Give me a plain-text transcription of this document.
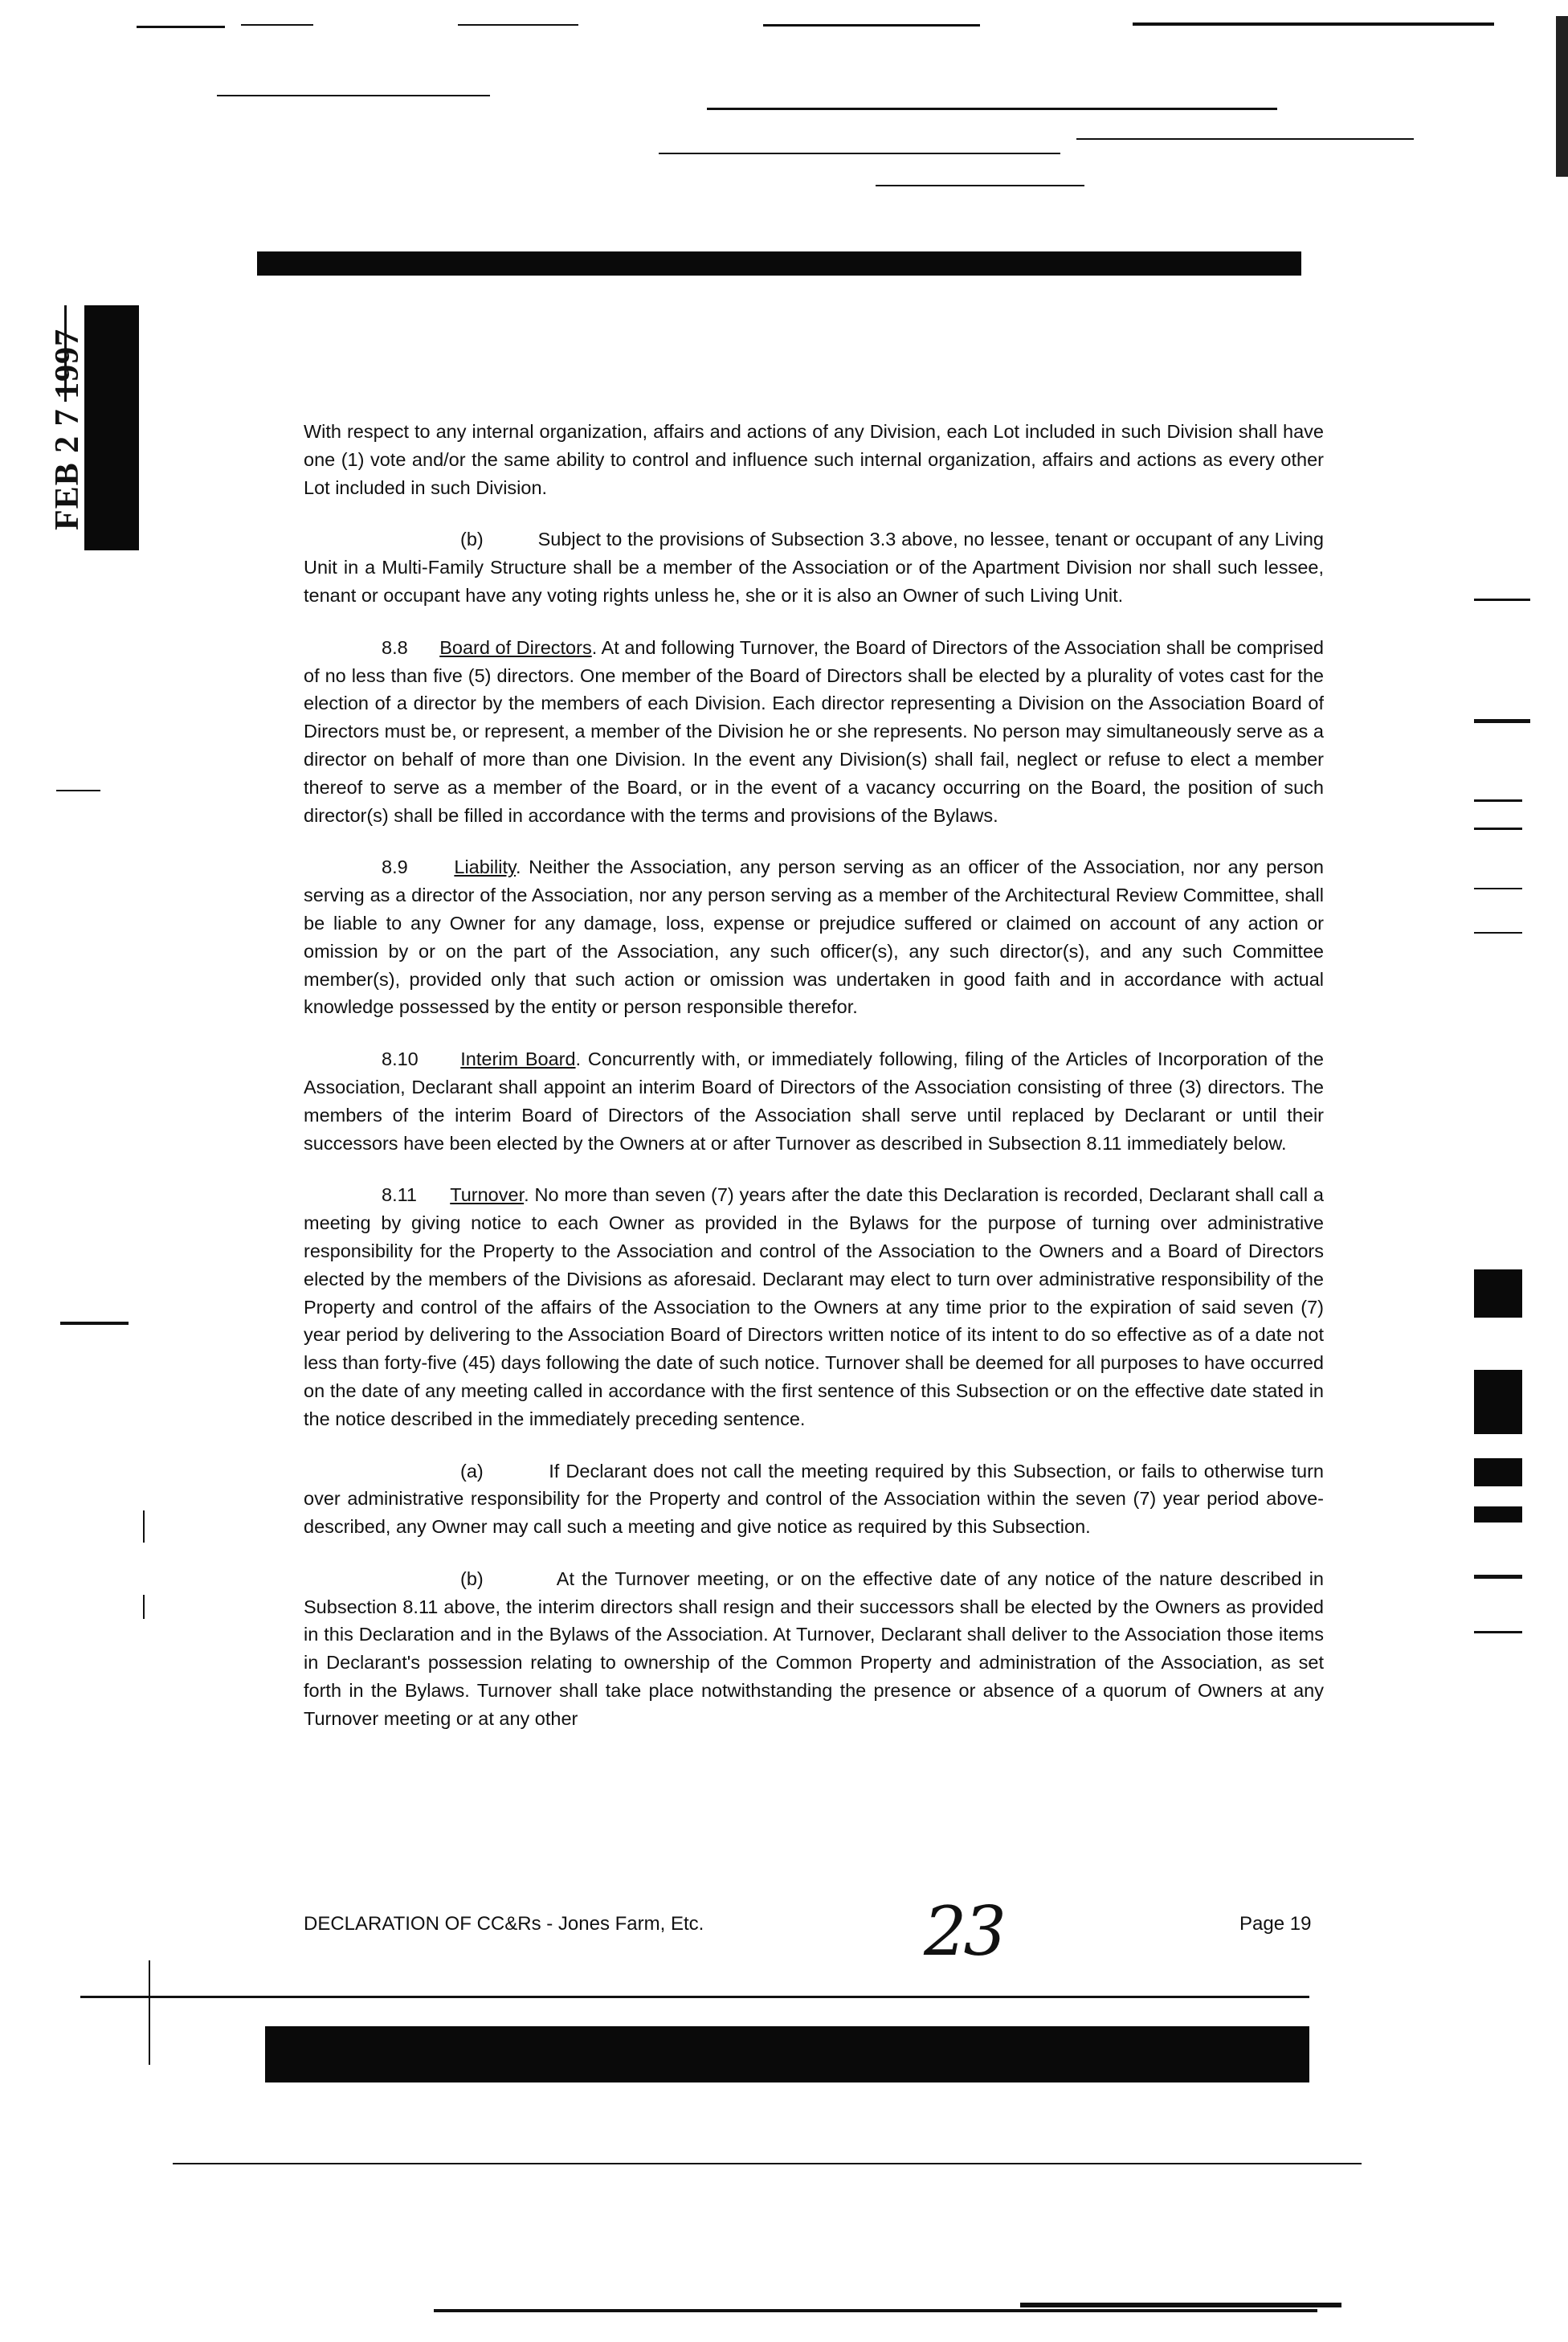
FEB 2 7 1997	With respect to any internal organization, affairs and actions of any Division, each Lot included in such Division shall have one (1) vote and/or the same ability to control and influence such internal organization, affairs and actions as every other Lot included in such Division.

(b)	Subject to the provisions of Subsection 3.3 above, no lessee, tenant or occupant of any Living Unit in a Multi-Family Structure shall be a member of the Association or of the Apartment Division nor shall such lessee, tenant or occupant have any voting rights unless he, she or it is also an Owner of such Living Unit.

8.8 Board of Directors. At and following Turnover, the Board of Directors of the Association shall be comprised of no less than five (5) directors. One member of the Board of Directors shall be elected by a plurality of votes cast for the election of a director by the members of each Division. Each director representing a Division on the Association Board of Directors must be, or represent, a member of the Division he or she represents. No person may simultaneously serve as a director on behalf of more than one Division. In the event any Division(s) shall fail, neglect or refuse to elect a member thereof to serve as a member of the Board, or in the event of a vacancy occurring on the Board, the position of such director(s) shall be filled in accordance with the terms and provisions of the Bylaws.

8.9 Liability. Neither the Association, any person serving as an officer of the Association, nor any person serving as a director of the Association, nor any person serving as a member of the Architectural Review Committee, shall be liable to any Owner for any damage, loss, expense or prejudice suffered or claimed on account of any action or omission by or on the part of the Association, any such officer(s), any such director(s), and any such Committee member(s), provided only that such action or omission was undertaken in good faith and in accordance with actual knowledge possessed by the entity or person responsible therefor.

8.10 Interim Board. Concurrently with, or immediately following, filing of the Articles of Incorporation of the Association, Declarant shall appoint an interim Board of Directors of the Association consisting of three (3) directors. The members of the interim Board of Directors of the Association shall serve until replaced by Declarant or until their successors have been elected by the Owners at or after Turnover as described in Subsection 8.11 immediately below.

8.11 Turnover. No more than seven (7) years after the date this Declaration is recorded, Declarant shall call a meeting by giving notice to each Owner as provided in the Bylaws for the purpose of turning over administrative responsibility for the Property to the Association and control of the Association to the Owners and a Board of Directors elected by the members of the Divisions as aforesaid. Declarant may elect to turn over administrative responsibility of the Property and control of the affairs of the Association to the Owners at any time prior to the expiration of said seven (7) year period by delivering to the Association Board of Directors written notice of its intent to do so effective as of a date not less than forty-five (45) days following the date of such notice. Turnover shall be deemed for all purposes to have occurred on the date of any meeting called in accordance with the first sentence of this Subsection or on the effective date stated in the notice described in the immediately preceding sentence.

(a)	If Declarant does not call the meeting required by this Subsection, or fails to otherwise turn over administrative responsibility for the Property and control of the Association within the seven (7) year period above-described, any Owner may call such a meeting and give notice as required by this Subsection.

(b)	At the Turnover meeting, or on the effective date of any notice of the nature described in Subsection 8.11 above, the interim directors shall resign and their successors shall be elected by the Owners as provided in this Declaration and in the Bylaws of the Association. At Turnover, Declarant shall deliver to the Association those items in Declarant's possession relating to ownership of the Common Property and administration of the Association, as set forth in the Bylaws. Turnover shall take place notwithstanding the presence or absence of a quorum of Owners at any Turnover meeting or at any other

DECLARATION OF CC&Rs - Jones Farm, Etc.	23	Page 19
